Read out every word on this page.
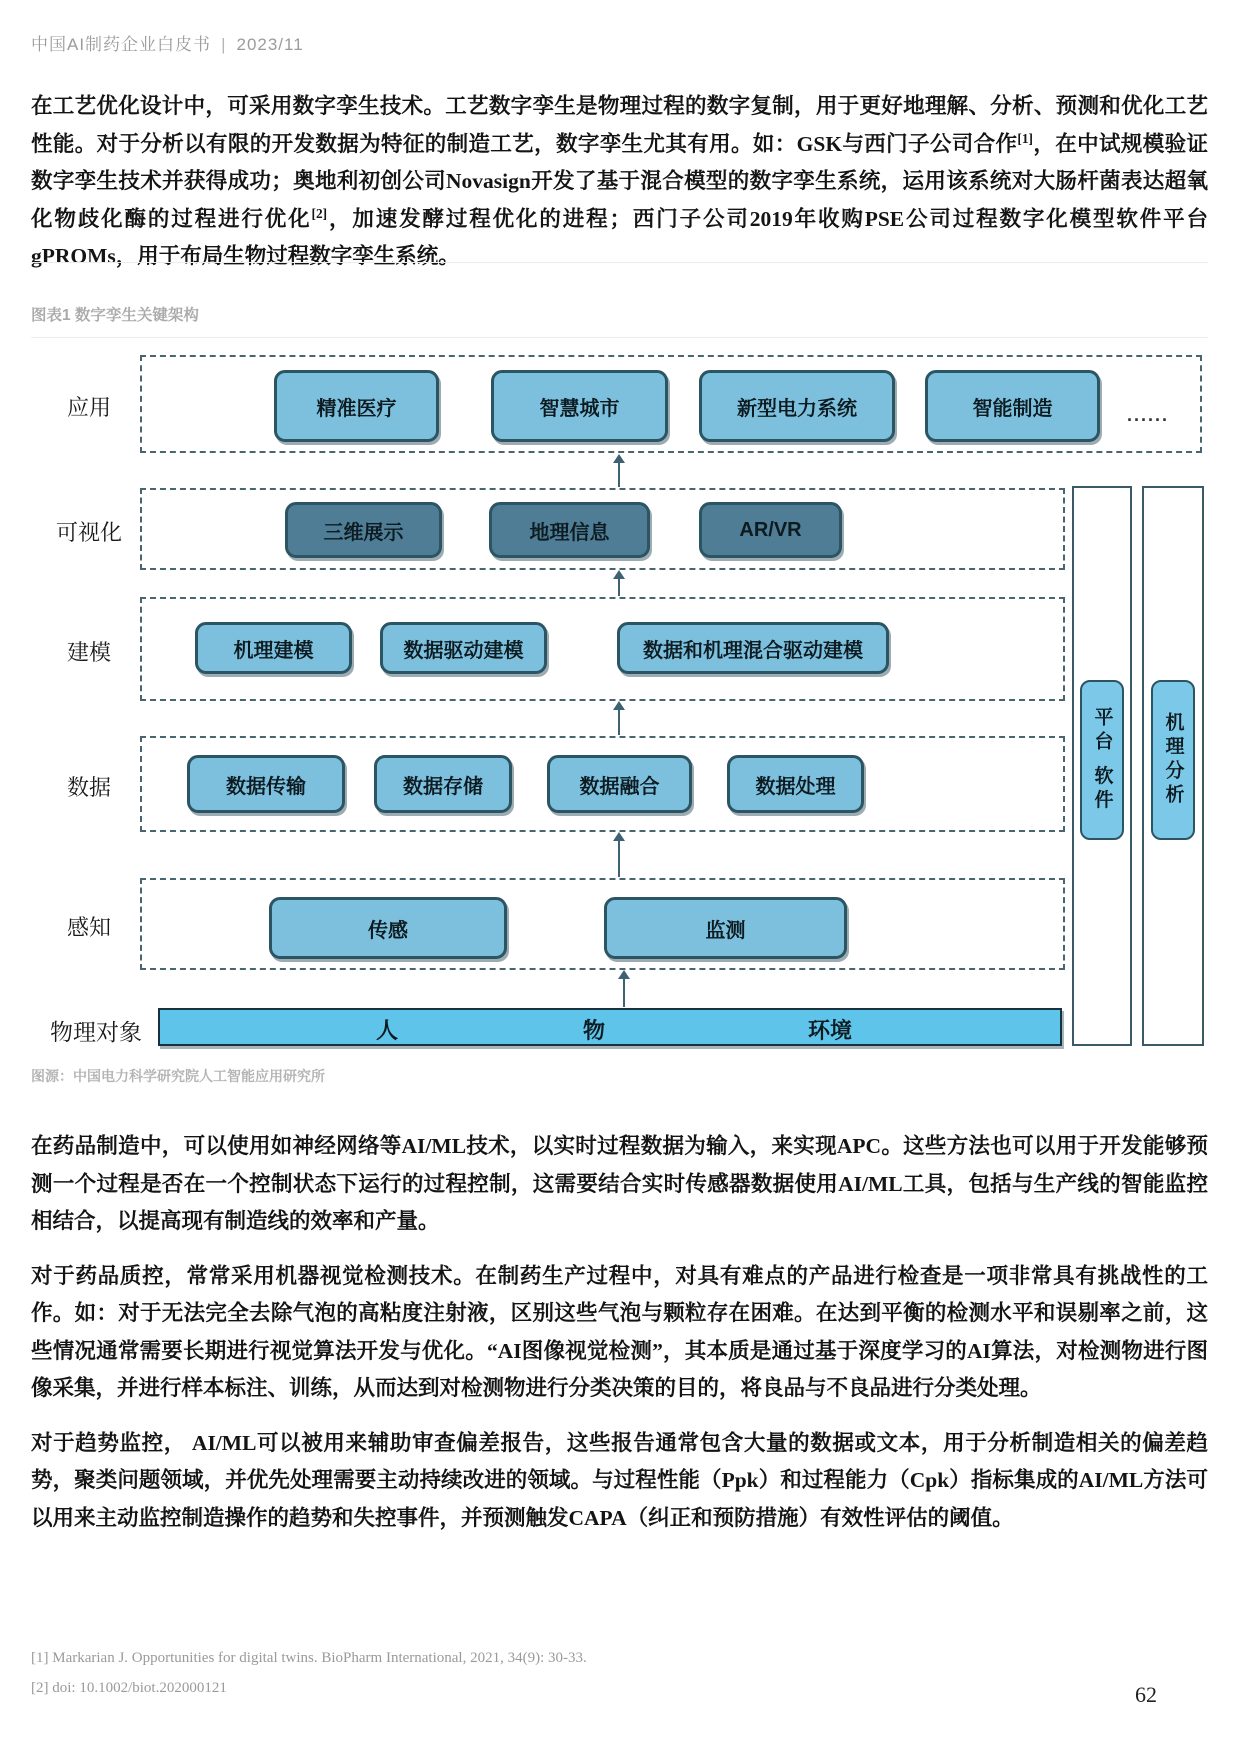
中国AI制药企业白皮书 | 2023/11

在工艺优化设计中，可采用数字孪生技术。工艺数字孪生是物理过程的数字复制，用于更好地理解、分析、预测和优化工艺性能。对于分析以有限的开发数据为特征的制造工艺，数字孪生尤其有用。如：GSK与西门子公司合作[1]，在中试规模验证数字孪生技术并获得成功；奥地利初创公司Novasign开发了基于混合模型的数字孪生系统，运用该系统对大肠杆菌表达超氧化物歧化酶的过程进行优化[2]，加速发酵过程优化的进程；西门子公司2019年收购PSE公司过程数字化模型软件平台gPROMs，用于布局生物过程数字孪生系统。

图表1 数字孪生关键架构
应用
可视化
建模
数据
感知
物理对象
精准医疗	智慧城市	新型电力系统	智能制造	......
三维展示	地理信息	AR/VR
机理建模	数据驱动建模	数据和机理混合驱动建模
数据传输	数据存储	数据融合	数据处理
传感	监测
人	物	环境
平台 软件	机理分析
图源：中国电力科学研究院人工智能应用研究所

在药品制造中，可以使用如神经网络等AI/ML技术，以实时过程数据为输入，来实现APC。这些方法也可以用于开发能够预测一个过程是否在一个控制状态下运行的过程控制，这需要结合实时传感器数据使用AI/ML工具，包括与生产线的智能监控相结合，以提高现有制造线的效率和产量。

对于药品质控，常常采用机器视觉检测技术。在制药生产过程中，对具有难点的产品进行检查是一项非常具有挑战性的工作。如：对于无法完全去除气泡的高粘度注射液，区别这些气泡与颗粒存在困难。在达到平衡的检测水平和误剔率之前，这些情况通常需要长期进行视觉算法开发与优化。“AI图像视觉检测”，其本质是通过基于深度学习的AI算法，对检测物进行图像采集，并进行样本标注、训练，从而达到对检测物进行分类决策的目的，将良品与不良品进行分类处理。

对于趋势监控， AI/ML可以被用来辅助审查偏差报告，这些报告通常包含大量的数据或文本，用于分析制造相关的偏差趋势，聚类问题领域，并优先处理需要主动持续改进的领域。与过程性能（Ppk）和过程能力（Cpk）指标集成的AI/ML方法可以用来主动监控制造操作的趋势和失控事件，并预测触发CAPA（纠正和预防措施）有效性评估的阈值。

[1] Markarian J. Opportunities for digital twins. BioPharm International, 2021, 34(9): 30-33.
[2] doi: 10.1002/biot.202000121	62
